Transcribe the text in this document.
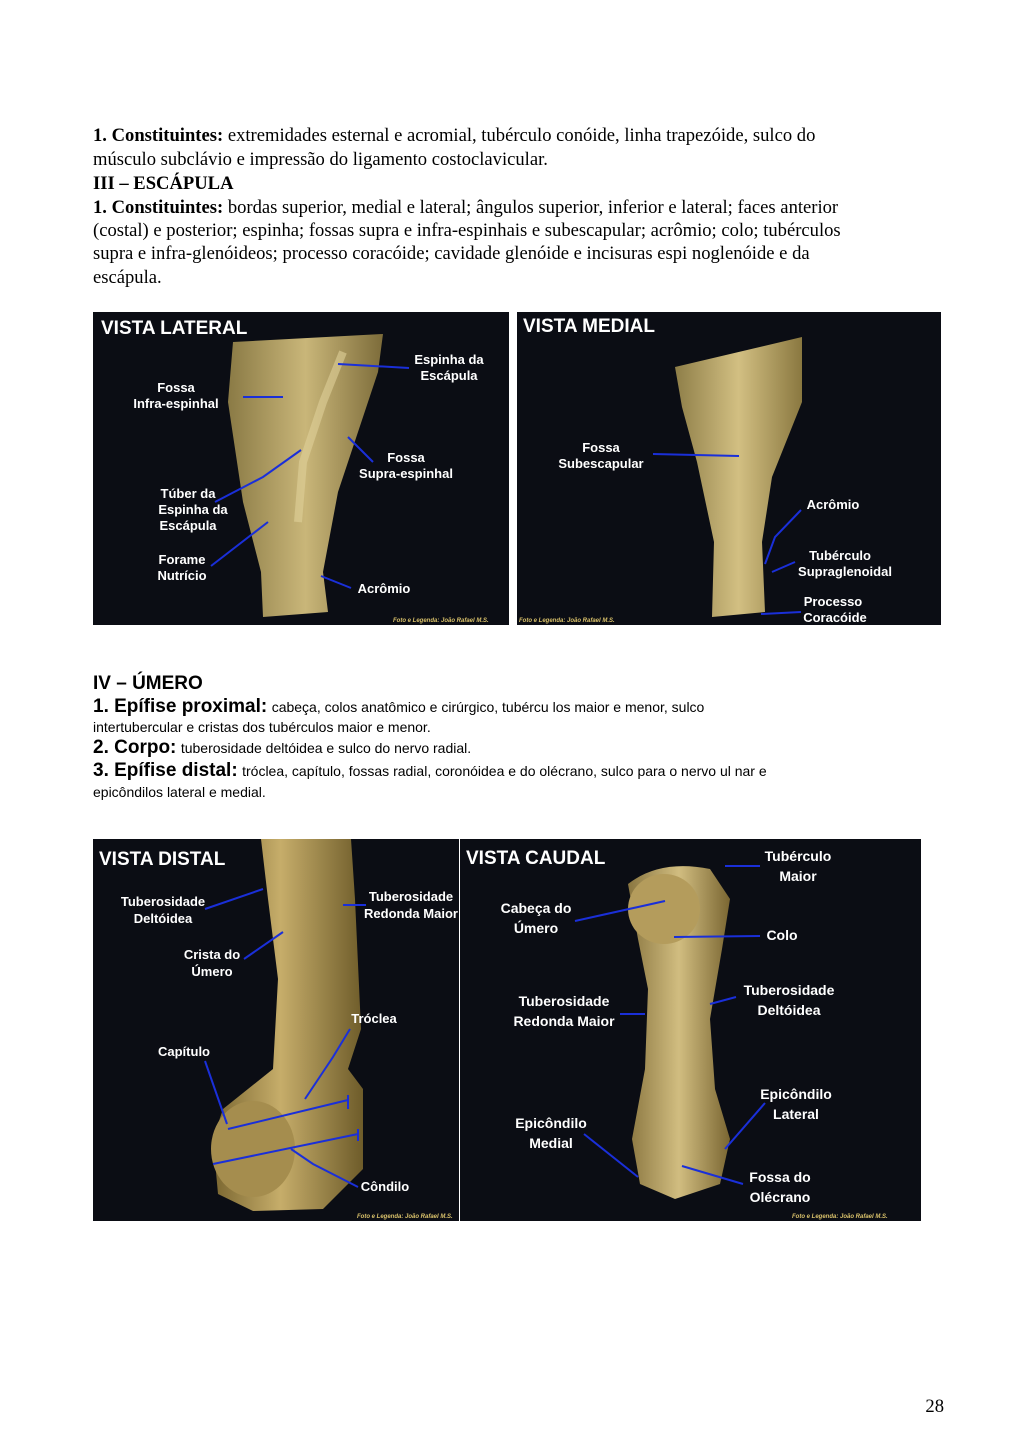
1. Constituintes: extremidades esternal e acromial, tubérculo conóide, linha trapezóide, sulco do
músculo subclávio e impressão do ligamento costoclavicular.
III – ESCÁPULA
1. Constituintes: bordas superior, medial e lateral; ângulos superior, inferior e lateral; faces anterior
(costal) e posterior; espinha; fossas supra e infra-espinhais e subescapular; acrômio; colo; tubérculos
supra e infra-glenóideos; processo coracóide; cavidade glenóide e incisuras espi noglenóide e da
escápula.
VISTA LATERAL
Fossa Infra-espinhal
Espinha da Escápula
Fossa Supra-espinhal
Túber da Espinha da Escápula
Forame Nutrício
Acrômio
Foto e Legenda: João Rafael M.S.
VISTA MEDIAL
Fossa Subescapular
Acrômio
Tubérculo Supraglenoidal
Processo Coracóide
Foto e Legenda: João Rafael M.S.
IV – ÚMERO
1. Epífise proximal: cabeça, colos anatômico e cirúrgico, tubércu los maior e menor, sulco
intertubercular e cristas dos tubérculos maior e menor.
2. Corpo: tuberosidade deltóidea e sulco do nervo radial.
3. Epífise distal: tróclea, capítulo, fossas radial, coronóidea e do olécrano, sulco para o nervo ul nar e
epicôndilos lateral e medial.
VISTA DISTAL
Tuberosidade Deltóidea
Tuberosidade Redonda Maior
Crista do Úmero
Tróclea
Capítulo
Côndilo
Foto e Legenda: João Rafael M.S.
VISTA CAUDAL	Tubérculo Maior
Cabeça do Úmero	Colo
Tuberosidade Redonda Maior
Tuberosidade Deltóidea
Epicôndilo Lateral
Epicôndilo Medial
Fossa do Olécrano
Foto e Legenda: João Rafael M.S.
28
